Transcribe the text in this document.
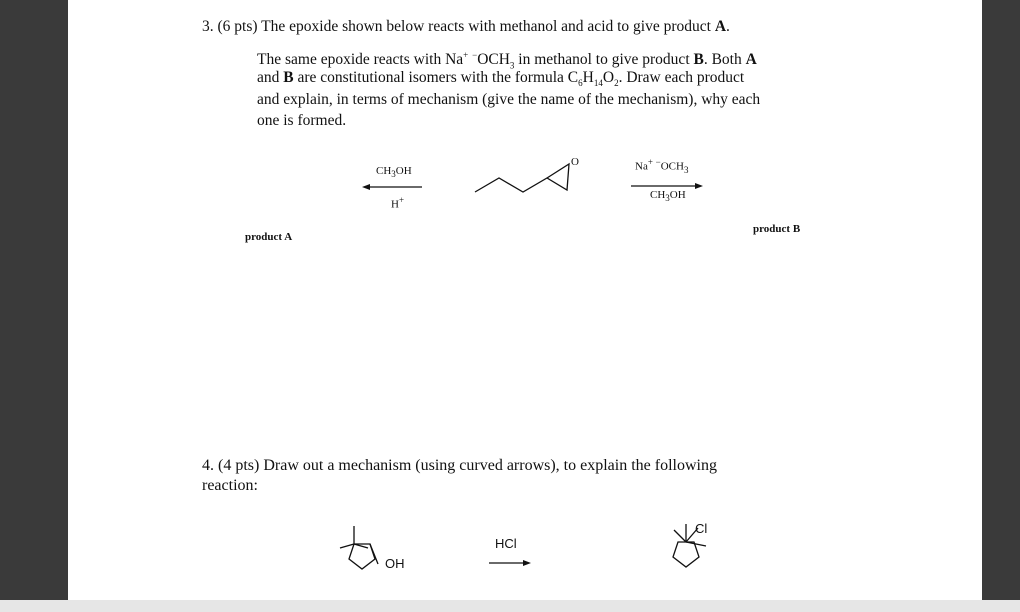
3. (6 pts) The epoxide shown below reacts with methanol and acid to give product A.
The same epoxide reacts with Na+ $^-OCH_3$ in methanol to give product B. Both A
and B are constitutional isomers with the formula $C_6H_{14}O_2$. Draw each product
and explain, in terms of mechanism (give the name of the mechanism), why each
one is formed.
$CH_3OH$
H+
O	Na+ $^-OCH_3$
$CH_3OH$
product A
product B
4. (4 pts) Draw out a mechanism (using curved arrows), to explain the following
reaction:
OH
HCl
Cl
